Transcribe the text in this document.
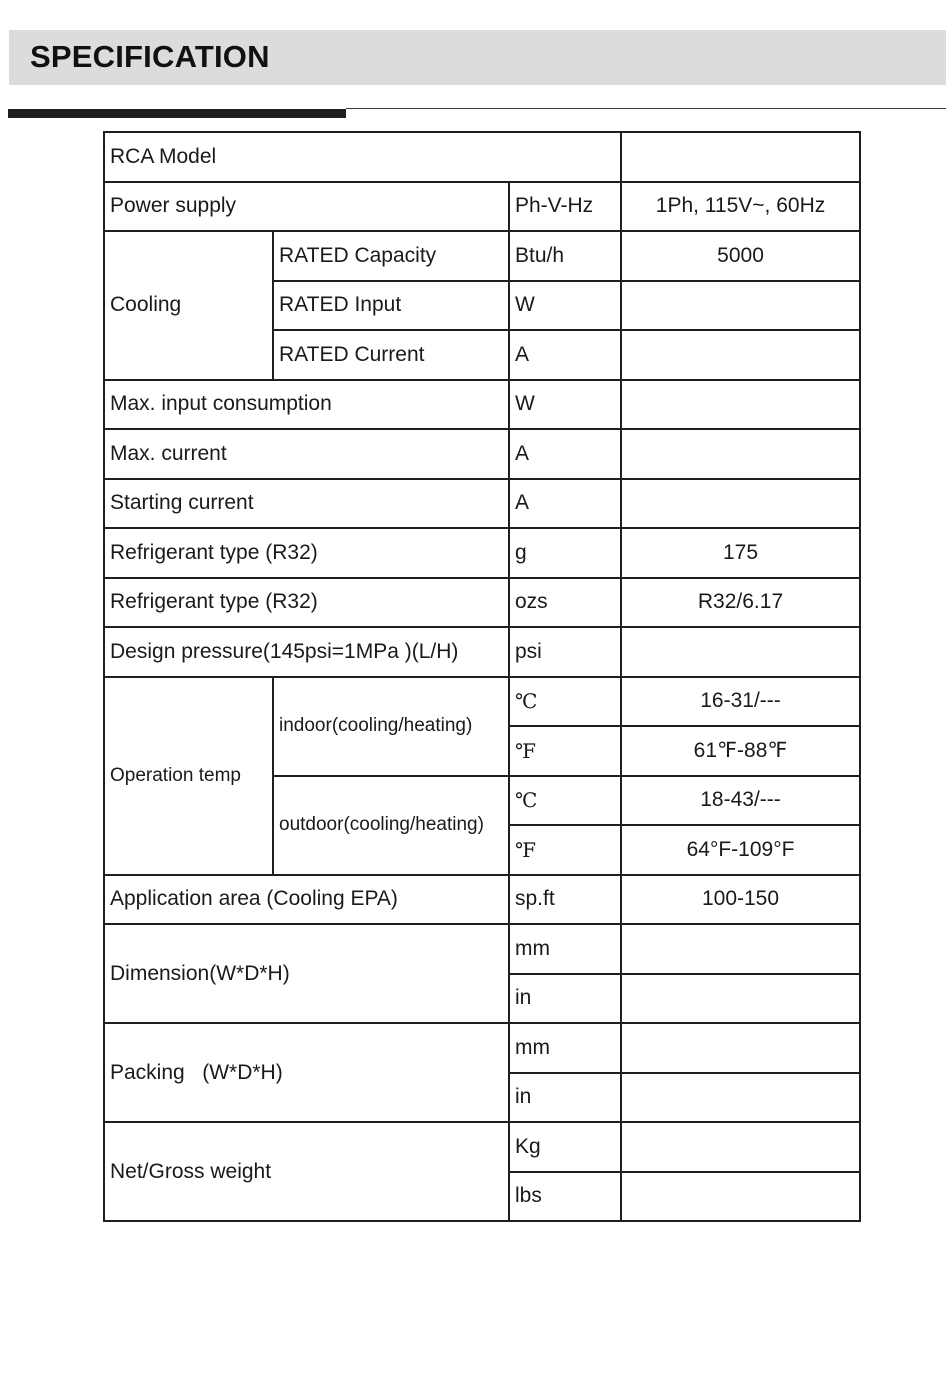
SPECIFICATION
RCA Model			
Power supply		Ph-V-Hz	1Ph, 115V~, 60Hz
Cooling	RATED Capacity	Btu/h	5000
	RATED Input	W	
	RATED Current	A	
Max. input consumption		W	
Max. current		A	
Starting current		A	
Refrigerant type (R32)		g	175
Refrigerant type (R32)		ozs	R32/6.17
Design pressure(145psi=1MPa )(L/H)		psi	
Operation temp	indoor(cooling/heating)	℃	16-31/---
		℉	61℉-88℉
	outdoor(cooling/heating)	℃	18-43/---
		℉	64°F-109°F
Application area (Cooling EPA)		sp.ft	100-150
Dimension(W*D*H)		mm	
		in	
Packing   (W*D*H)		mm	
		in	
Net/Gross weight		Kg	
		lbs	
